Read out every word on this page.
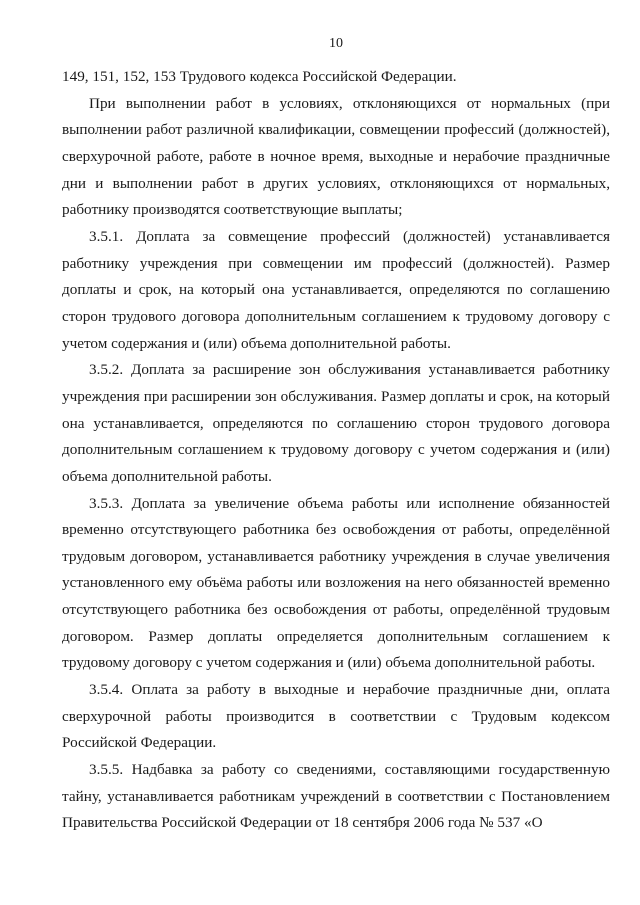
10

149, 151, 152, 153 Трудового кодекса Российской Федерации.

При выполнении работ в условиях, отклоняющихся от нормальных (при выполнении работ различной квалификации, совмещении профессий (должностей), сверхурочной работе, работе в ночное время, выходные и нерабочие праздничные дни и выполнении работ в других условиях, отклоняющихся от нормальных, работнику производятся соответствующие выплаты;

3.5.1. Доплата за совмещение профессий (должностей) устанавливается работнику учреждения при совмещении им профессий (должностей). Размер доплаты и срок, на который она устанавливается, определяются по соглашению сторон трудового договора дополнительным соглашением к трудовому договору с учетом содержания и (или) объема дополнительной работы.

3.5.2. Доплата за расширение зон обслуживания устанавливается работнику учреждения при расширении зон обслуживания. Размер доплаты и срок, на который она устанавливается, определяются по соглашению сторон трудового договора дополнительным соглашением к трудовому договору с учетом содержания и (или) объема дополнительной работы.

3.5.3. Доплата за увеличение объема работы или исполнение обязанностей временно отсутствующего работника без освобождения от работы, определённой трудовым договором, устанавливается работнику учреждения в случае увеличения установленного ему объёма работы или возложения на него обязанностей временно отсутствующего работника без освобождения от работы, определённой трудовым договором. Размер доплаты определяется дополнительным соглашением к трудовому договору с учетом содержания и (или) объема дополнительной работы.

3.5.4. Оплата за работу в выходные и нерабочие праздничные дни, оплата сверхурочной работы производится в соответствии с Трудовым кодексом Российской Федерации.

3.5.5. Надбавка за работу со сведениями, составляющими государственную тайну, устанавливается работникам учреждений в соответствии с Постановлением Правительства Российской Федерации от 18 сентября 2006 года № 537 «О
